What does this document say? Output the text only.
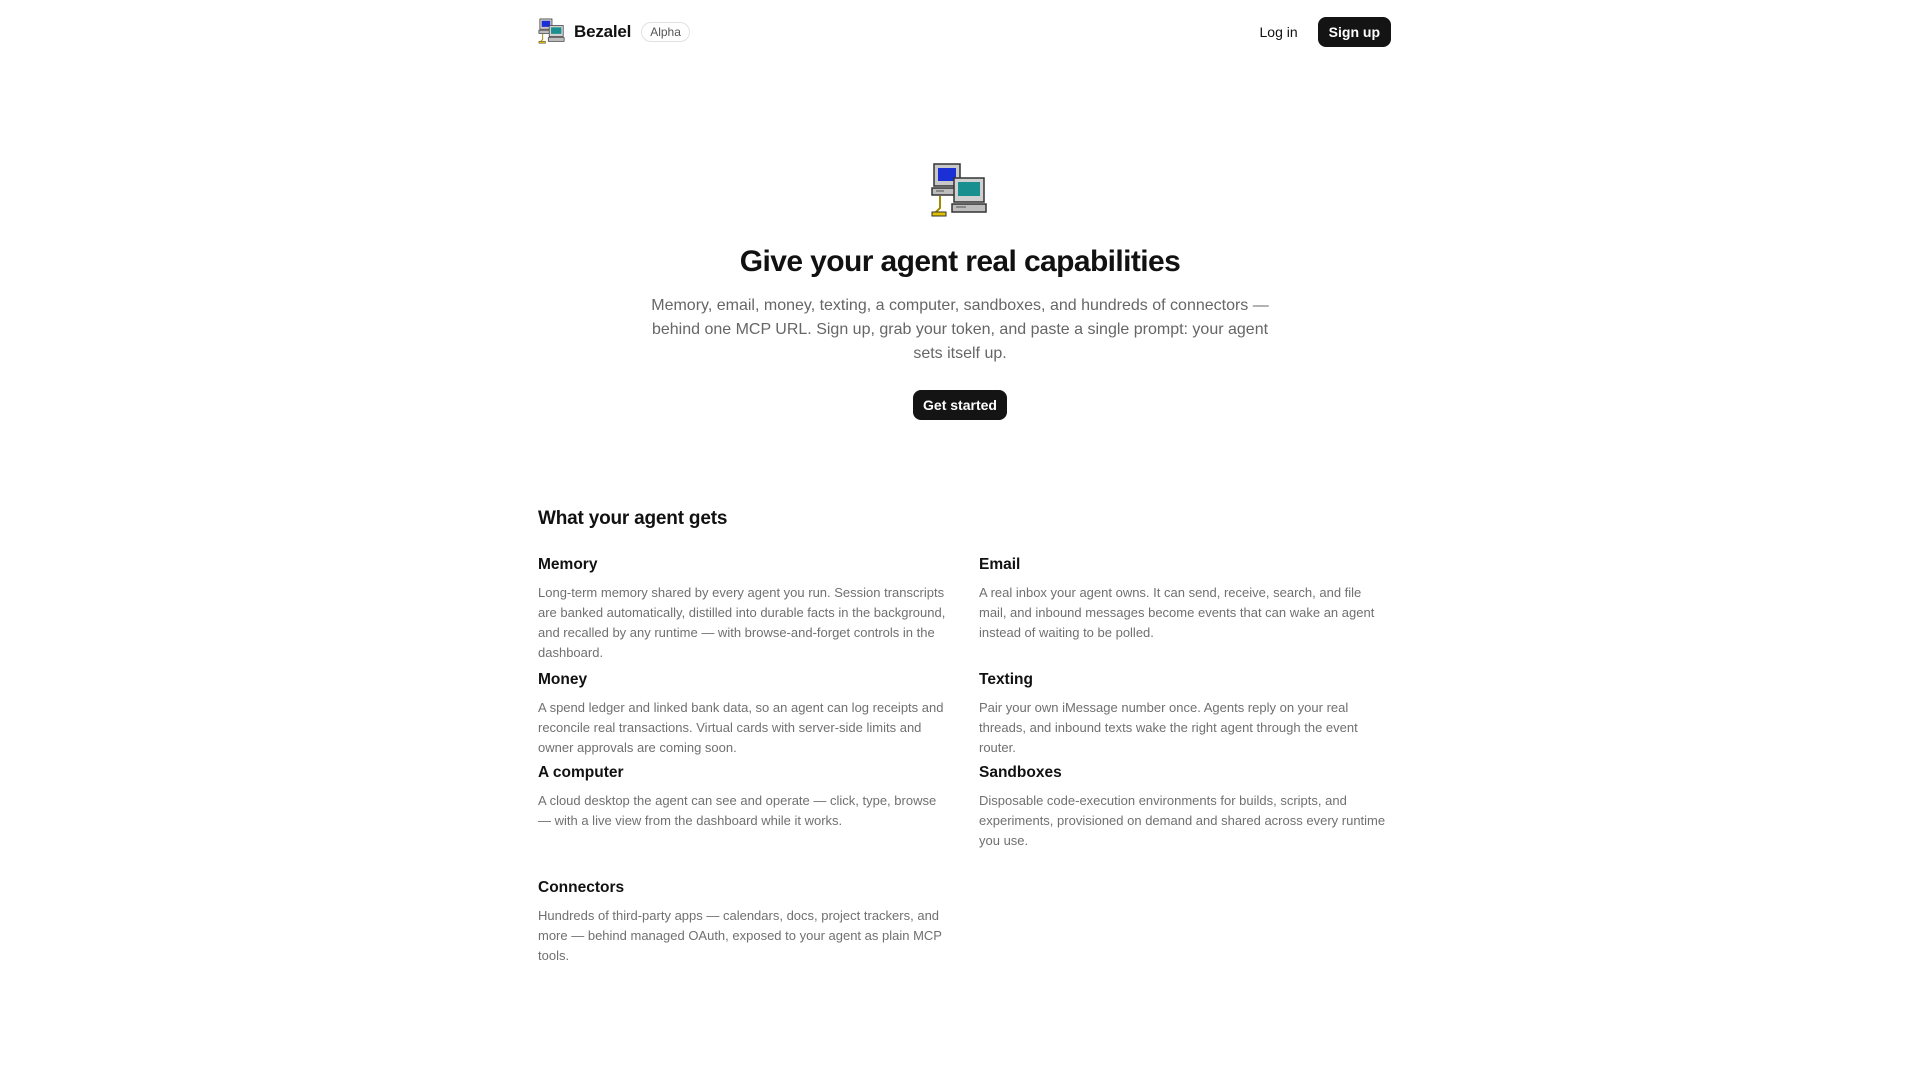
Bezalel	Alpha	Log in	Sign up
Give your agent real capabilities

Memory, email, money, texting, a computer, sandboxes, and hundreds of connectors — behind one MCP URL. Sign up, grab your token, and paste a single prompt: your agent sets itself up.

Get started
What your agent gets
Memory
Long-term memory shared by every agent you run. Session transcripts are banked automatically, distilled into durable facts in the background, and recalled by any runtime — with browse-and-forget controls in the dashboard.
Email
A real inbox your agent owns. It can send, receive, search, and file mail, and inbound messages become events that can wake an agent instead of waiting to be polled.
Money
A spend ledger and linked bank data, so an agent can log receipts and reconcile real transactions. Virtual cards with server-side limits and owner approvals are coming soon.
Texting
Pair your own iMessage number once. Agents reply on your real threads, and inbound texts wake the right agent through the event router.
A computer
A cloud desktop the agent can see and operate — click, type, browse — with a live view from the dashboard while it works.
Sandboxes
Disposable code-execution environments for builds, scripts, and experiments, provisioned on demand and shared across every runtime you use.
Connectors
Hundreds of third-party apps — calendars, docs, project trackers, and more — behind managed OAuth, exposed to your agent as plain MCP tools.
